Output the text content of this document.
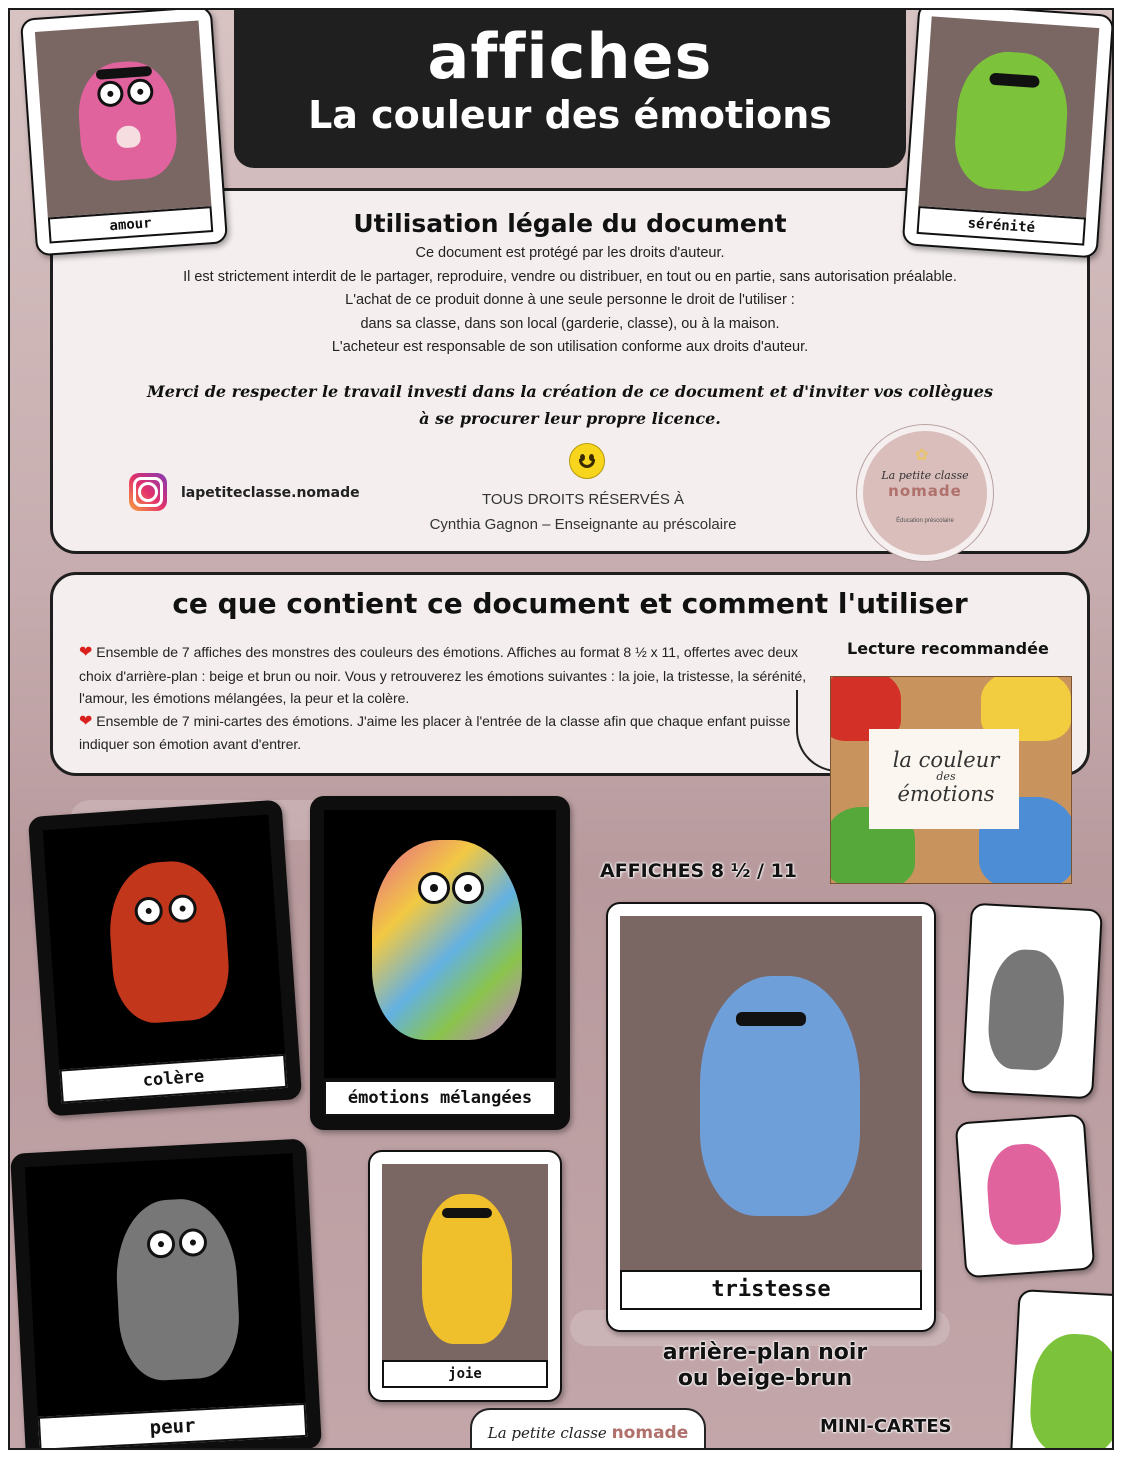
affiches
La couleur des émotions
Utilisation légale du document
Ce document est protégé par les droits d'auteur.
Il est strictement interdit de le partager, reproduire, vendre ou distribuer, en tout ou en partie, sans autorisation préalable.
L'achat de ce produit donne à une seule personne le droit de l'utiliser :
dans sa classe, dans son local (garderie, classe), ou à la maison.
L'acheteur est responsable de son utilisation conforme aux droits d'auteur.
Merci de respecter le travail investi dans la création de ce document et d'inviter vos collègues
à se procurer leur propre licence.
lapetiteclasse.nomade	TOUS DROITS RÉSERVÉS À
Cynthia Gagnon – Enseignante au préscolaire
✿
La petite classe
nomade
Éducation préscolaire
ce que contient ce document et comment l'utiliser
❤ Ensemble de 7 affiches des monstres des couleurs des émotions. Affiches au format 8 ½ x 11, offertes avec deux choix d'arrière-plan : beige et brun ou noir. Vous y retrouverez les émotions suivantes : la joie, la tristesse, la sérénité, l'amour, les émotions mélangées, la peur et la colère.
❤ Ensemble de 7 mini-cartes des émotions. J'aime les placer à l'entrée de la classe afin que chaque enfant puisse indiquer son émotion avant d'entrer.
Lecture recommandée
la couleur
des
émotions
AFFICHES 8 ½ / 11
arrière-plan noir
ou beige-brun
MINI-CARTES
amour	sérénité
colère
émotions mélangées
peur
joie
tristesse
La petite classe nomade
